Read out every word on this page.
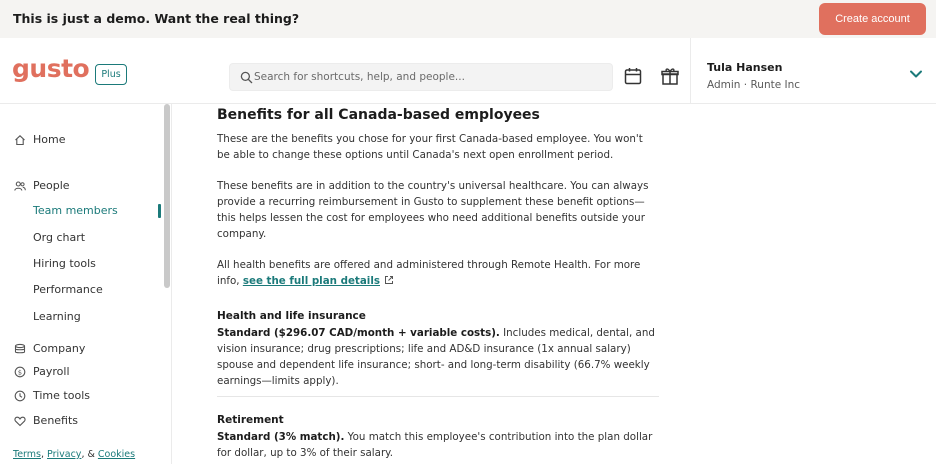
This is just a demo. Want the real thing?	Create account
gusto	Plus
Search for shortcuts, help, and people...
Tula Hansen
Admin · Runte Inc
Home
People
Team members
Org chart
Hiring tools
Performance
Learning
Company
$ Payroll
Time tools
Benefits
Terms, Privacy, & Cookies
Benefits for all Canada-based employees

These are the benefits you chose for your first Canada-based employee. You won't be able to change these options until Canada's next open enrollment period.

These benefits are in addition to the country's universal healthcare. You can always provide a recurring reimbursement in Gusto to supplement these benefit options—this helps lessen the cost for employees who need additional benefits outside your company.

All health benefits are offered and administered through Remote Health. For more info, see the full plan details

Health and life insurance

Standard ($296.07 CAD/month + variable costs). Includes medical, dental, and vision insurance; drug prescriptions; life and AD&D insurance (1x annual salary) spouse and dependent life insurance; short- and long-term disability (66.7% weekly earnings—limits apply).

Retirement

Standard (3% match). You match this employee's contribution into the plan dollar for dollar, up to 3% of their salary.
